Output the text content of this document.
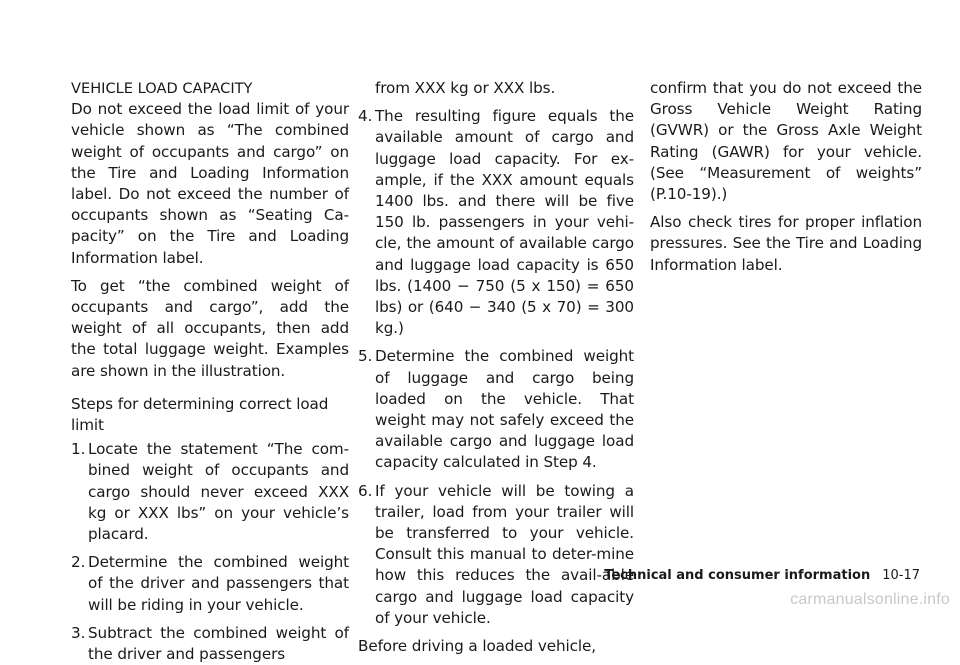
VEHICLE LOAD CAPACITY

Do not exceed the load limit of your vehicle shown as “The combined weight of occupants and cargo” on the Tire and Loading Information label. Do not exceed the number of occupants shown as “Seating Ca-pacity” on the Tire and Loading Information label.

To get “the combined weight of occupants and cargo”, add the weight of all occupants, then add the total luggage weight. Examples are shown in the illustration.

Steps for determining correct load limit

1. Locate the statement “The com-bined weight of occupants and cargo should never exceed XXX kg or XXX lbs” on your vehicle’s placard.
2. Determine the combined weight of the driver and passengers that will be riding in your vehicle.
3. Subtract the combined weight of the driver and passengers

from XXX kg or XXX lbs.

4. The resulting figure equals the available amount of cargo and luggage load capacity. For ex-ample, if the XXX amount equals 1400 lbs. and there will be five 150 lb. passengers in your vehi-cle, the amount of available cargo and luggage load capacity is 650 lbs. (1400 − 750 (5 x 150) = 650 lbs) or (640 − 340 (5 x 70) = 300 kg.)
5. Determine the combined weight of luggage and cargo being loaded on the vehicle. That weight may not safely exceed the available cargo and luggage load capacity calculated in Step 4.
6. If your vehicle will be towing a trailer, load from your trailer will be transferred to your vehicle. Consult this manual to deter-mine how this reduces the avail-able cargo and luggage load capacity of your vehicle.

Before driving a loaded vehicle,

confirm that you do not exceed the Gross Vehicle Weight Rating (GVWR) or the Gross Axle Weight Rating (GAWR) for your vehicle. (See “Measurement of weights” (P.10-19).)

Also check tires for proper inflation pressures. See the Tire and Loading Information label.

Technical and consumer information 10-17
carmanualsonline.info
